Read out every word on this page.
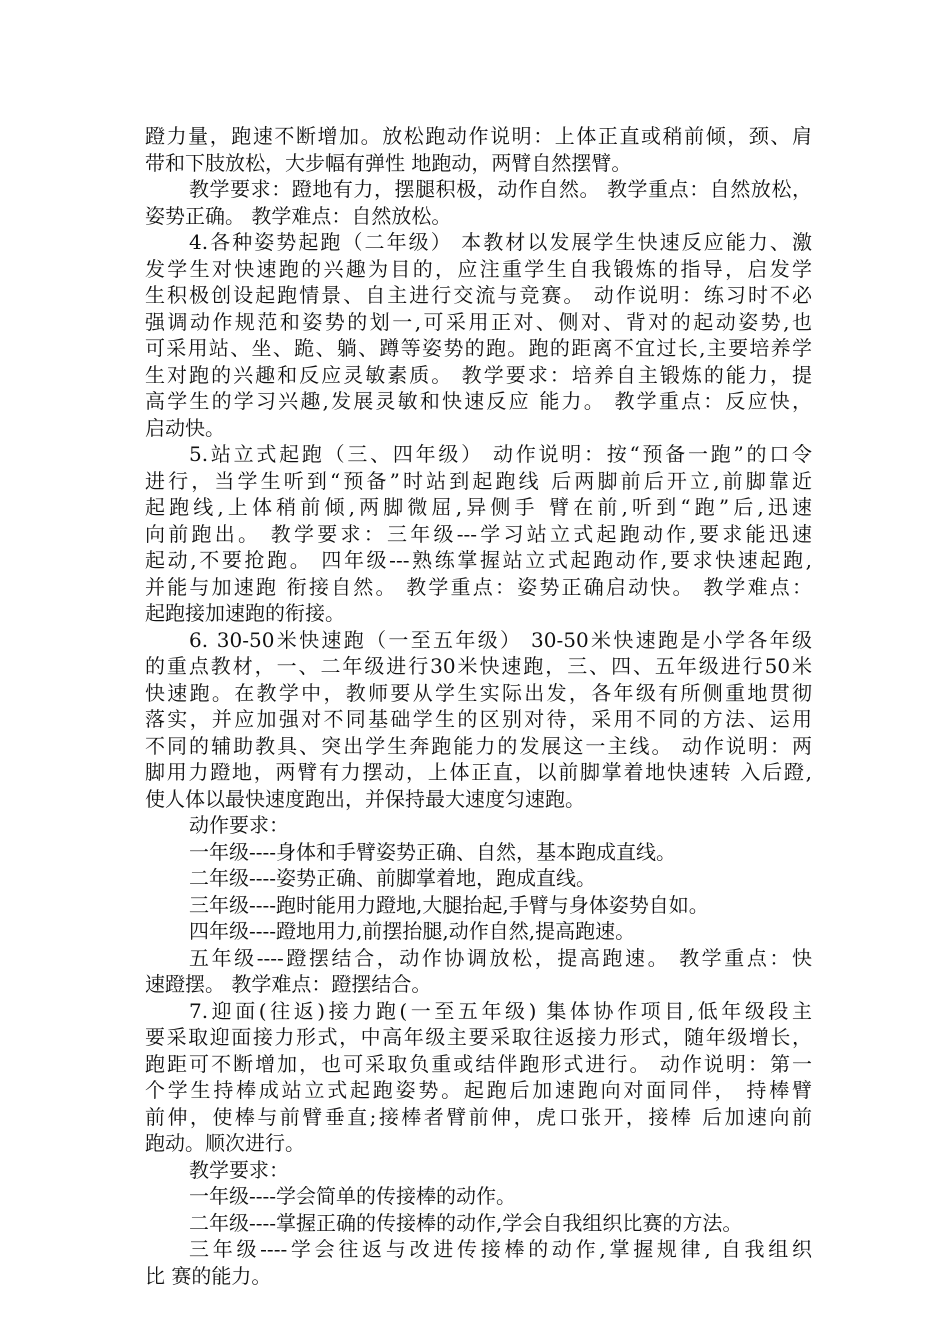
蹬力量，跑速不断增加。放松跑动作说明：上体正直或稍前倾，颈、肩
带和下肢放松，大步幅有弹性 地跑动，两臂自然摆臂。
教学要求：蹬地有力，摆腿积极，动作自然。 教学重点：自然放松，
姿势正确。 教学难点：自然放松。
4.各种姿势起跑（二年级） 本教材以发展学生快速反应能力、激
发学生对快速跑的兴趣为目的，应注重学生自我锻炼的指导，启发学
生积极创设起跑情景、自主进行交流与竞赛。 动作说明：练习时不必
强调动作规范和姿势的划一,可采用正对、侧对、背对的起动姿势,也
可采用站、坐、跪、躺、蹲等姿势的跑。跑的距离不宜过长,主要培养学
生对跑的兴趣和反应灵敏素质。 教学要求：培养自主锻炼的能力，提
高学生的学习兴趣,发展灵敏和快速反应 能力。 教学重点：反应快，
启动快。
5.站立式起跑（三、四年级） 动作说明：按“预备一跑”的口令
进行，当学生听到“预备”时站到起跑线 后两脚前后开立,前脚靠近
起跑线,上体稍前倾,两脚微屈,异侧手 臂在前,听到“跑”后,迅速
向前跑出。 教学要求：三年级---学习站立式起跑动作,要求能迅速
起动,不要抢跑。 四年级---熟练掌握站立式起跑动作,要求快速起跑,
并能与加速跑 衔接自然。 教学重点：姿势正确启动快。 教学难点：
起跑接加速跑的衔接。
6. 30-50米快速跑（一至五年级） 30-50米快速跑是小学各年级
的重点教材，一、二年级进行30米快速跑，三、四、五年级进行50米
快速跑。在教学中，教师要从学生实际出发，各年级有所侧重地贯彻
落实，并应加强对不同基础学生的区别对待，采用不同的方法、运用
不同的辅助教具、突出学生奔跑能力的发展这一主线。 动作说明：两
脚用力蹬地，两臂有力摆动，上体正直，以前脚掌着地快速转 入后蹬,
使人体以最快速度跑出，并保持最大速度匀速跑。
动作要求：
一年级----身体和手臂姿势正确、自然，基本跑成直线。
二年级----姿势正确、前脚掌着地，跑成直线。
三年级----跑时能用力蹬地,大腿抬起,手臂与身体姿势自如。
四年级----蹬地用力,前摆抬腿,动作自然,提高跑速。
五年级----蹬摆结合，动作协调放松，提高跑速。 教学重点：快
速蹬摆。 教学难点：蹬摆结合。
7.迎面(往返)接力跑(一至五年级) 集体协作项目,低年级段主
要采取迎面接力形式，中高年级主要采取往返接力形式，随年级增长，
跑距可不断增加，也可采取负重或结伴跑形式进行。 动作说明：第一
个学生持棒成站立式起跑姿势。起跑后加速跑向对面同伴， 持棒臂
前伸，使棒与前臂垂直;接棒者臂前伸，虎口张开，接棒 后加速向前
跑动。顺次进行。
教学要求：
一年级----学会简单的传接棒的动作。
二年级----掌握正确的传接棒的动作,学会自我组织比赛的方法。
三年级----学会往返与改进传接棒的动作,掌握规律, 自我组织
比 赛的能力。
